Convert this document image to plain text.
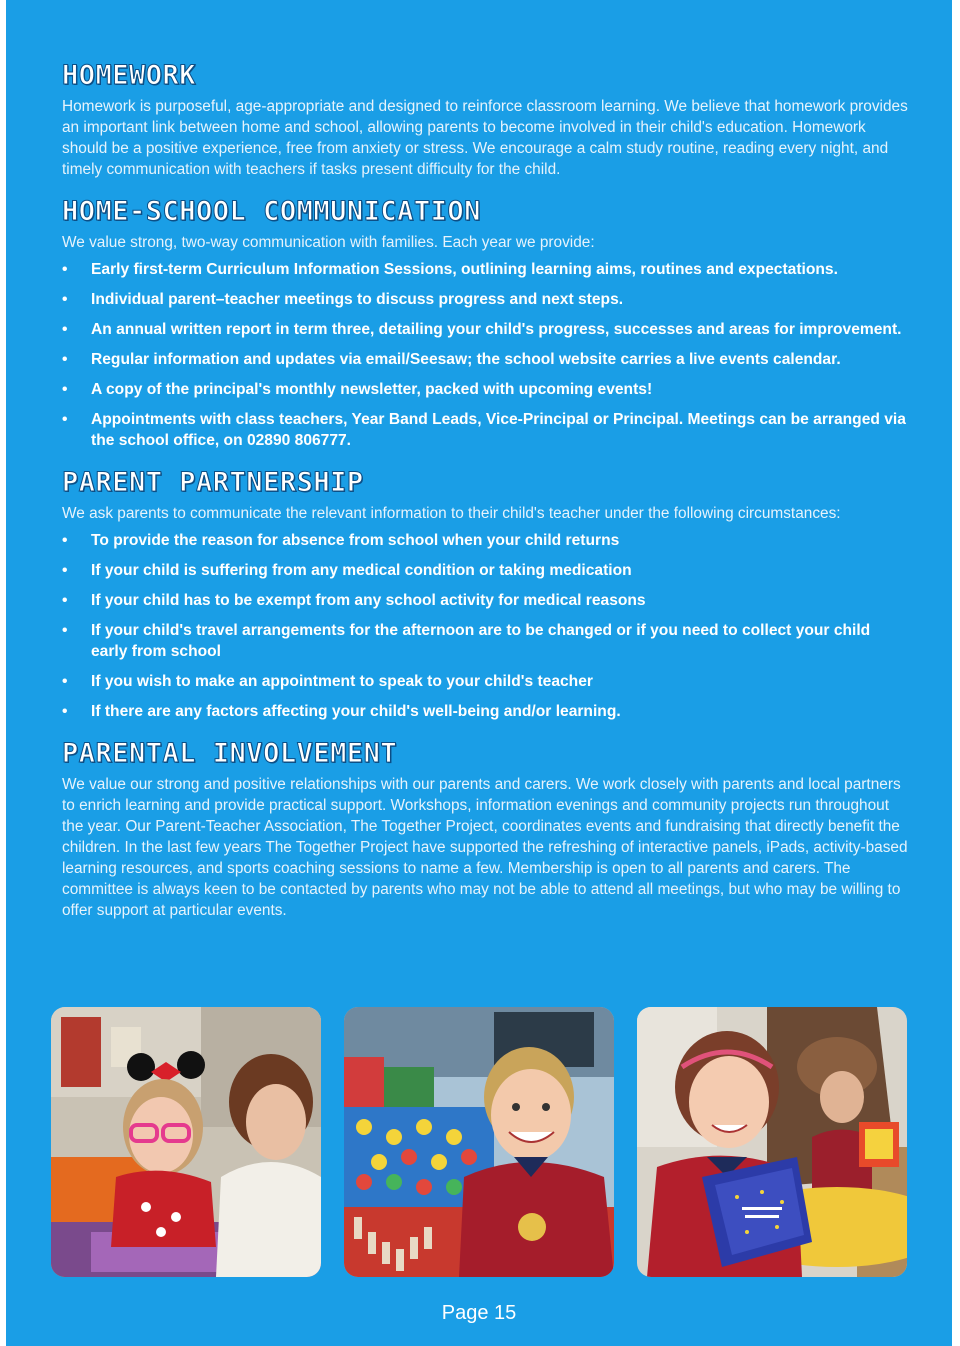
HOMEWORK

Homework is purposeful, age-appropriate and designed to reinforce classroom learning. We believe that homework provides an important link between home and school, allowing parents to become involved in their child's education. Homework should be a positive experience, free from anxiety or stress. We encourage a calm study routine, reading every night, and timely communication with teachers if tasks present difficulty for the child.

HOME-SCHOOL COMMUNICATION

We value strong, two-way communication with families. Each year we provide:

• Early first-term Curriculum Information Sessions, outlining learning aims, routines and expectations.
• Individual parent–teacher meetings to discuss progress and next steps.
• An annual written report in term three, detailing your child's progress, successes and areas for improvement.
• Regular information and updates via email/Seesaw; the school website carries a live events calendar.
• A copy of the principal's monthly newsletter, packed with upcoming events!
• Appointments with class teachers, Year Band Leads, Vice-Principal or Principal. Meetings can be arranged via the school office, on 02890 806777.
PARENT PARTNERSHIP

We ask parents to communicate the relevant information to their child's teacher under the following circumstances:

• To provide the reason for absence from school when your child returns
• If your child is suffering from any medical condition or taking medication
• If your child has to be exempt from any school activity for medical reasons
• If your child's travel arrangements for the afternoon are to be changed or if you need to collect your child early from school
• If you wish to make an appointment to speak to your child's teacher
• If there are any factors affecting your child's well-being and/or learning.
PARENTAL INVOLVEMENT

We value our strong and positive relationships with our parents and carers. We work closely with parents and local partners to enrich learning and provide practical support. Workshops, information evenings and community projects run throughout the year. Our Parent-Teacher Association, The Together Project, coordinates events and fundraising that directly benefit the children. In the last few years The Together Project have supported the refreshing of interactive panels, iPads, activity-based learning resources, and sports coaching sessions to name a few. Membership is open to all parents and carers. The committee is always keen to be contacted by parents who may not be able to attend all meetings, but who may be willing to offer support at particular events.

Page 15
